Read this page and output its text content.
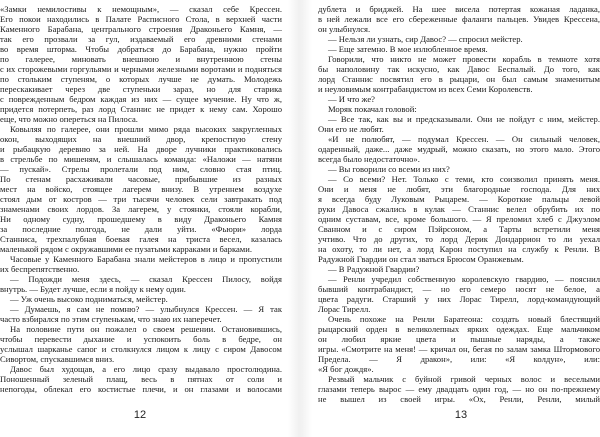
«Замки немилостивы к немощным», — сказал себе Крессен.
Его покои находились в Палате Расписного Стола, в верхней части
Каменного Барабана, центрального строения Драконьего Камня, —
так его прозвали за гул, издаваемый его древними стенами
во время шторма. Чтобы добраться до Барабана, нужно пройти
по галерее, миновать внешнюю и внутреннюю стены
с их сторожевыми горгульями и черными железными воротами и подняться
по стольким ступеням, о которых лучше не думать. Молодежь
перескакивает через две ступеньки зараз, но для старика
с поврежденным бедром каждая из них — сущее мучение. Ну что ж,
придется потерпеть, раз лорд Станнис не придет к нему сам. Хорошо
еще, что можно опереться на Пилоса.
Ковыляя по галерее, они прошли мимо ряда высоких закругленных
окон, выходящих на внешний двор, крепостную стену
и рыбацкую деревню за ней. На дворе лучники практиковались
в стрельбе по мишеням, и слышалась команда: «Наложи — натяни
— пускай». Стрелы пролетали под ним, словно стая птиц.
По стенам расхаживали часовые, прибывшие из разных
мест на войско, стоящее лагерем внизу. В утреннем воздухе
стоял дым от костров — три тысячи человек сели завтракать под
знаменами своих лордов. За лагерем, у стоянки, стояли корабли,
Ни одному судну, прошедшему в виду Драконьего Камня
за последние полгода, не дали уйти. «Фьюри» лорда
Станниса, трехпалубная боевая галея на триста весел, казалась
маленькой рядом с окружавшими ее пузатыми карраками и барками.
Часовые у Каменного Барабана знали мейстеров в лицо и пропустили
их беспрепятственно.
— Подожди меня здесь, — сказал Крессен Пилосу, войдя
внутрь. — Будет лучше, если я пойду к нему один.
— Уж очень высоко подниматься, мейстер.
— Думаешь, я сам не помню? — улыбнулся Крессен. — Я так
часто взбирался по этим ступенькам, что знаю их наперечет.
На половине пути он пожалел о своем решении. Остановившись,
чтобы перевести дыхание и успокоить боль в бедре, он
услышал шарканье сапог и столкнулся лицом к лицу с сиром Давосом
Сивортом, спускавшимся вниз.
Давос был худощав, а его лицо сразу выдавало простолюдина.
Поношенный зеленый плащ, весь в пятнах от соли и
непогоды, облекал его костистые плечи, и он глазами и волосами
дублета и бриджей. На шее висела потертая кожаная ладанка,
в ней лежали все его сбереженные фаланги пальцев. Увидев Крессена,
он улыбнулся.
— Нельзя ли узнать, сир Давос? — спросил мейстер.
— Еще затемно. В мое излюбленное время.
Говорили, что никто не может провести корабль в темноте хотя
бы наполовину так искусно, как Давос Беспалый. До того, как
лорд Станнис посвятил его в рыцари, он был самым знаменитым
и неуловимым контрабандистом из всех Семи Королевств.
— И что же?
Моряк покачал головой:
— Все так, как вы и предсказывали. Они не пойдут с ним, мейстер.
Они его не любят.
«И не полюбят, — подумал Крессен. — Он сильный человек,
одаренный, даже... даже мудрый, можно сказать, но этого мало. Этого
всегда было недостаточно».
— Вы говорили со всеми из них?
— Со всеми? Нет. Только с теми, кто соизволил принять меня.
Они и меня не любят, эти благородные господа. Для них
я всегда буду Луковым Рыцарем. — Короткие пальцы левой
руки Давоса сжались в кулак — Станнис велел обрубить их по
одним суставам, все, кроме большого. — Я преломил хлеб с Джуэлом
Сванном и с сиром Пэйрсоном, а Тарты встретили меня
учтиво. Что до других, то лорд Дерик Дондаррион то ли уехал
на охоту, то ли нет, а лорд Карон поступил на службу к Ренли. В
Радужной Гвардии он стал зваться Брюсом Оранжевым.
— В Радужной Гвардии?
— Ренли учредил собственную королевскую гвардию, — пояснил
бывший контрабандист, — но его семеро носят не белое, а
цвета радуги. Старший у них Лорас Тирелл, лорд-командующий
Лорас Тирелл.
Очень похоже на Ренли Баратеона: создать новый блестящий
рыцарский орден в великолепных ярких одеждах. Еще мальчиком
он любил яркие цвета и пышные наряды, а также
игры. «Смотрите на меня! — кричал он, бегая по залам замка Штормового
Предела. — Я дракон», или: «Я колдун», или:
«Я бог дождя».
Резвый мальчик с буйной гривой черных волос и веселыми
глазами теперь вырос — ему двадцать один год, — но он по-прежнему
не вышел из своей игры. «Ох, Ренли, Ренли, милый
12	13
